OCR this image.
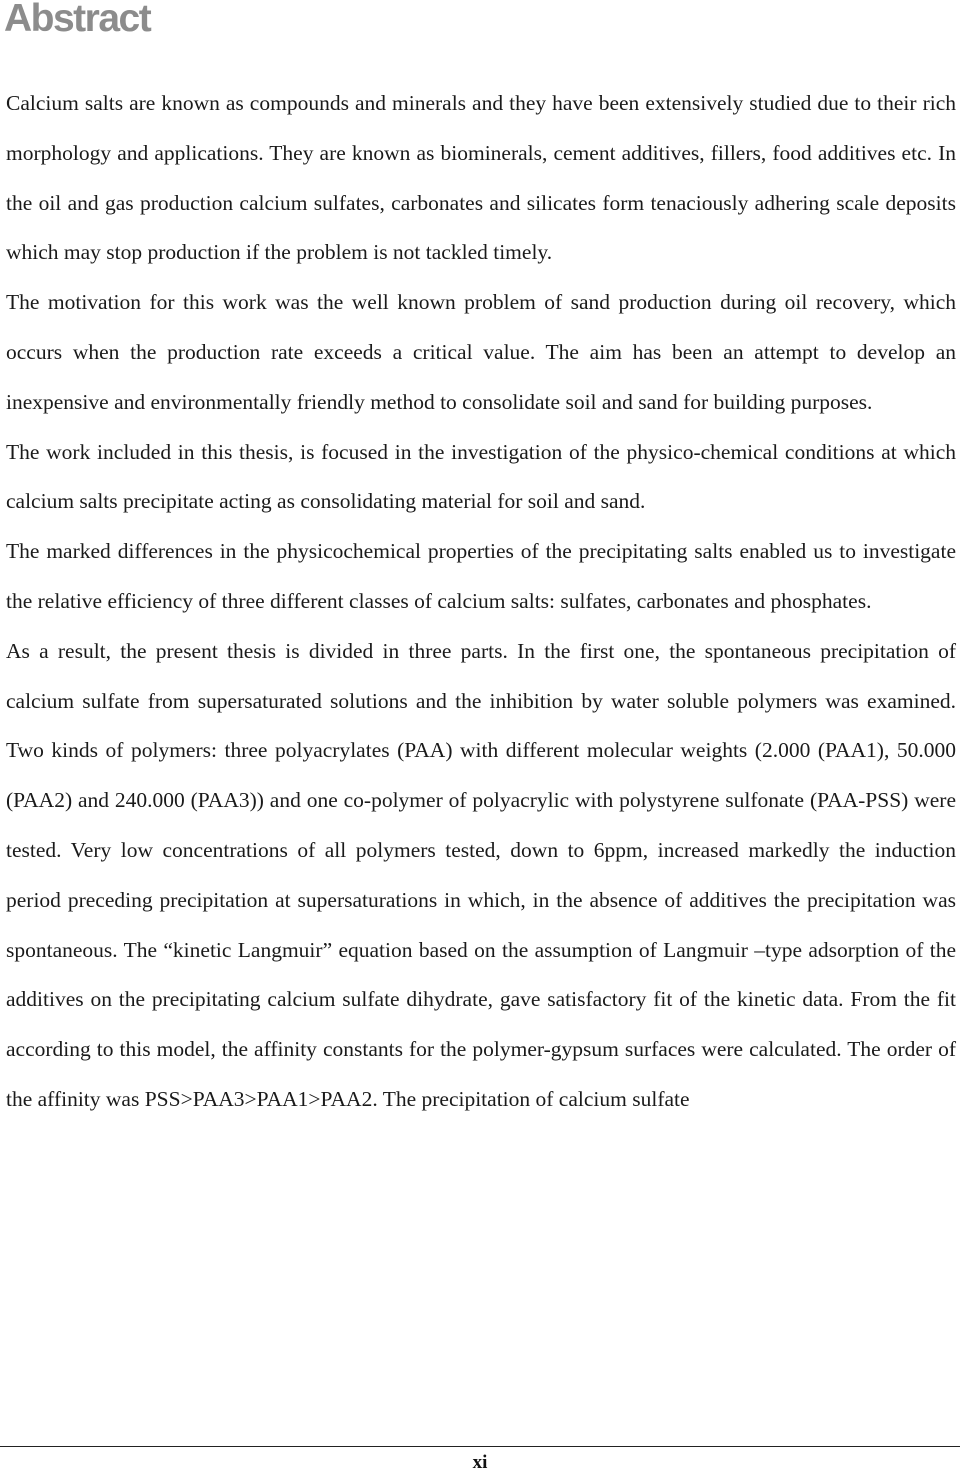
Abstract

Calcium salts are known as compounds and minerals and they have been extensively studied due to their rich morphology and applications. They are known as biominerals, cement additives, fillers, food additives etc. In the oil and gas production calcium sulfates, carbonates and silicates form tenaciously adhering scale deposits which may stop production if the problem is not tackled timely.

The motivation for this work was the well known problem of sand production during oil recovery, which occurs when the production rate exceeds a critical value. The aim has been an attempt to develop an inexpensive and environmentally friendly method to consolidate soil and sand for building purposes.

The work included in this thesis, is focused in the investigation of the physico-chemical conditions at which calcium salts precipitate acting as consolidating material for soil and sand.

The marked differences in the physicochemical properties of the precipitating salts enabled us to investigate the relative efficiency of three different classes of calcium salts: sulfates, carbonates and phosphates.

As a result, the present thesis is divided in three parts. In the first one, the spontaneous precipitation of calcium sulfate from supersaturated solutions and the inhibition by water soluble polymers was examined. Two kinds of polymers: three polyacrylates (PAA) with different molecular weights (2.000 (PAA1), 50.000 (PAA2) and 240.000 (PAA3)) and one co-polymer of polyacrylic with polystyrene sulfonate (PAA-PSS) were tested. Very low concentrations of all polymers tested, down to 6ppm, increased markedly the induction period preceding precipitation at supersaturations in which, in the absence of additives the precipitation was spontaneous. The “kinetic Langmuir” equation based on the assumption of Langmuir –type adsorption of the additives on the precipitating calcium sulfate dihydrate, gave satisfactory fit of the kinetic data. From the fit according to this model, the affinity constants for the polymer-gypsum surfaces were calculated. The order of the affinity was PSS>PAA3>PAA1>PAA2. The precipitation of calcium sulfate

xi
